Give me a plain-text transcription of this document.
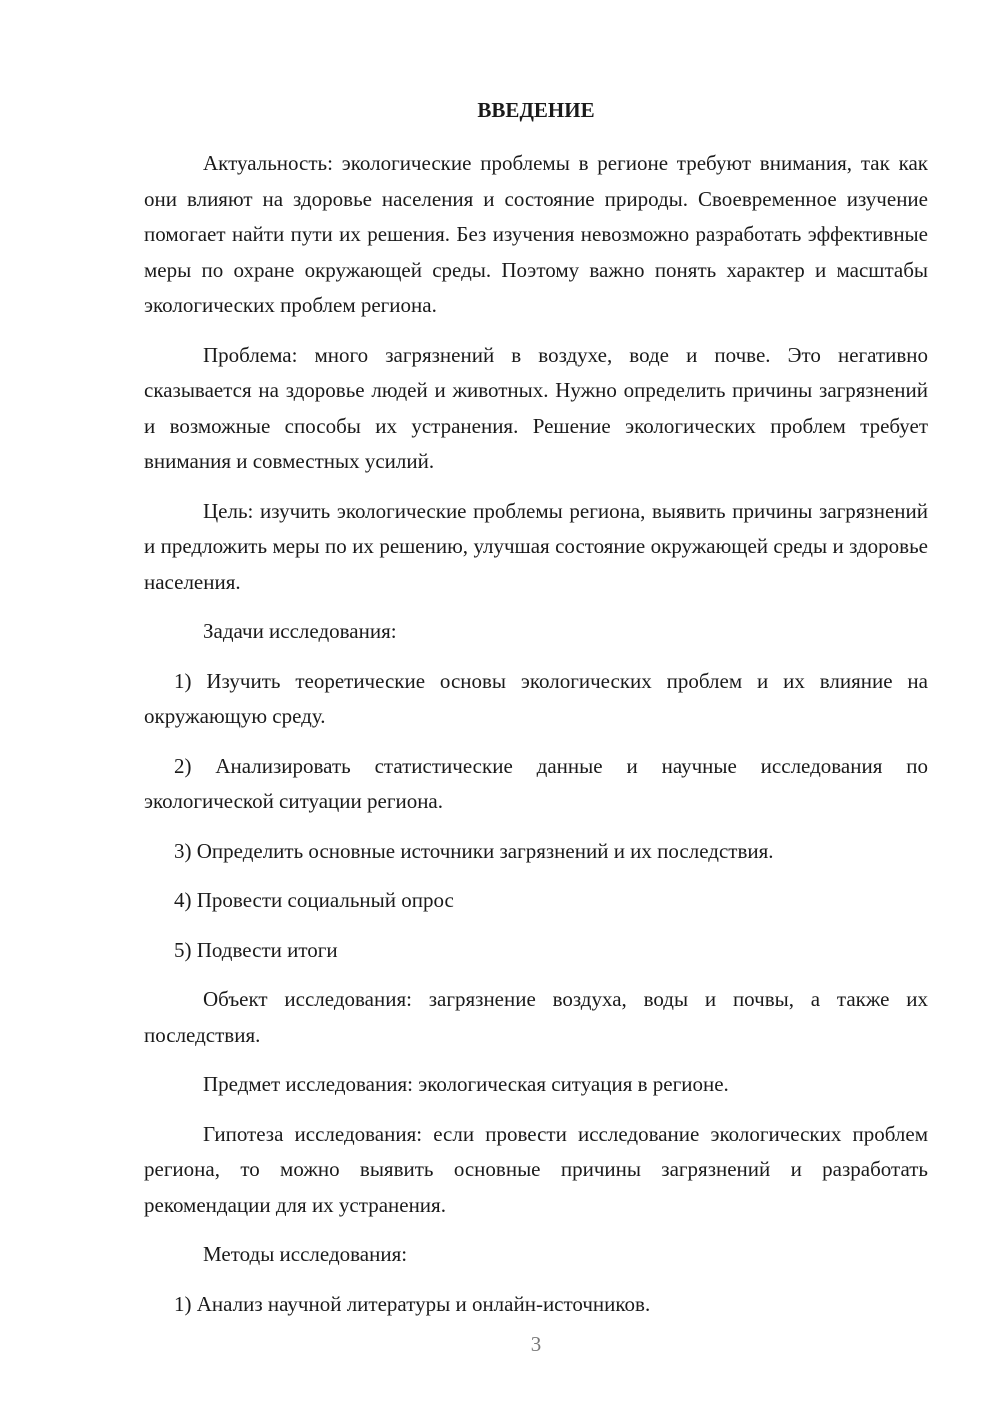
ВВЕДЕНИЕ

Актуальность: экологические проблемы в регионе требуют внимания, так как они влияют на здоровье населения и состояние природы. Своевременное изучение помогает найти пути их решения. Без изучения невозможно разработать эффективные меры по охране окружающей среды. Поэтому важно понять характер и масштабы экологических проблем региона.

Проблема: много загрязнений в воздухе, воде и почве. Это негативно сказывается на здоровье людей и животных. Нужно определить причины загрязнений и возможные способы их устранения. Решение экологических проблем требует внимания и совместных усилий.

Цель: изучить экологические проблемы региона, выявить причины загрязнений и предложить меры по их решению, улучшая состояние окружающей среды и здоровье населения.

Задачи исследования:

1) Изучить теоретические основы экологических проблем и их влияние на окружающую среду.

2) Анализировать статистические данные и научные исследования по экологической ситуации региона.

3) Определить основные источники загрязнений и их последствия.

4) Провести социальный опрос

5) Подвести итоги

Объект исследования: загрязнение воздуха, воды и почвы, а также их последствия.

Предмет исследования: экологическая ситуация в регионе.

Гипотеза исследования: если провести исследование экологических проблем региона, то можно выявить основные причины загрязнений и разработать рекомендации для их устранения.

Методы исследования:

1) Анализ научной литературы и онлайн-источников.

3
